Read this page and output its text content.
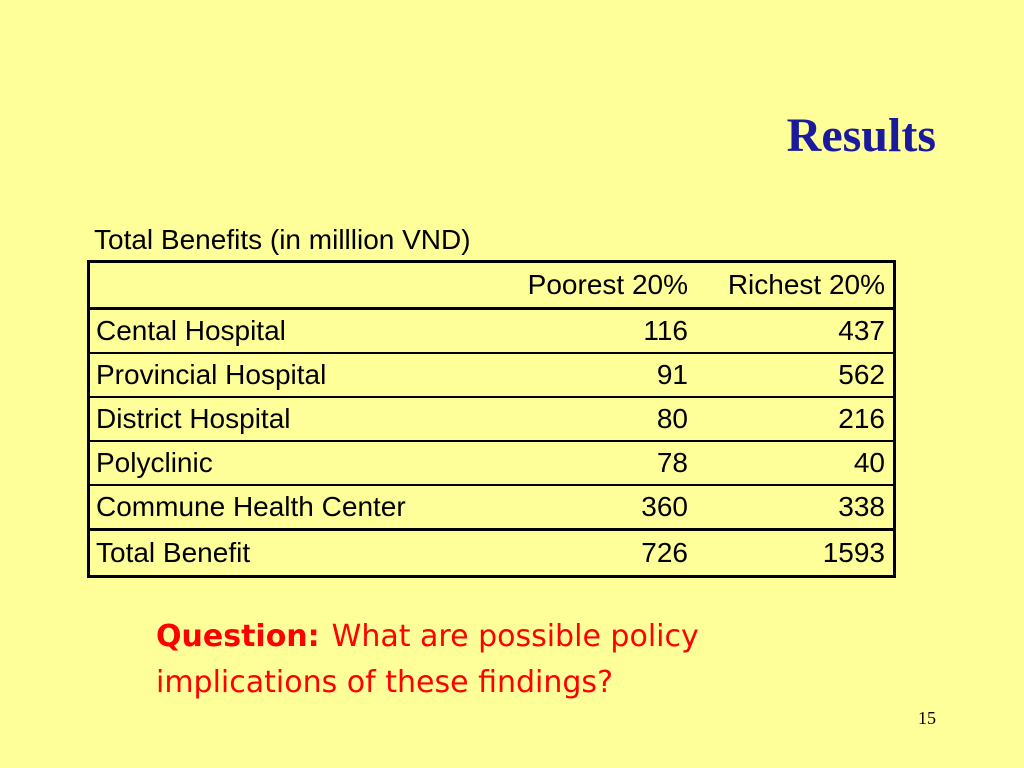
Results
Total Benefits (in milllion VND)
	Poorest 20%	Richest 20%
Cental Hospital	116	437
Provincial Hospital	91	562
District Hospital	80	216
Polyclinic	78	40
Commune Health Center	360	338
Total Benefit	726	1593
Question: What are possible policy implications of these findings?
15
